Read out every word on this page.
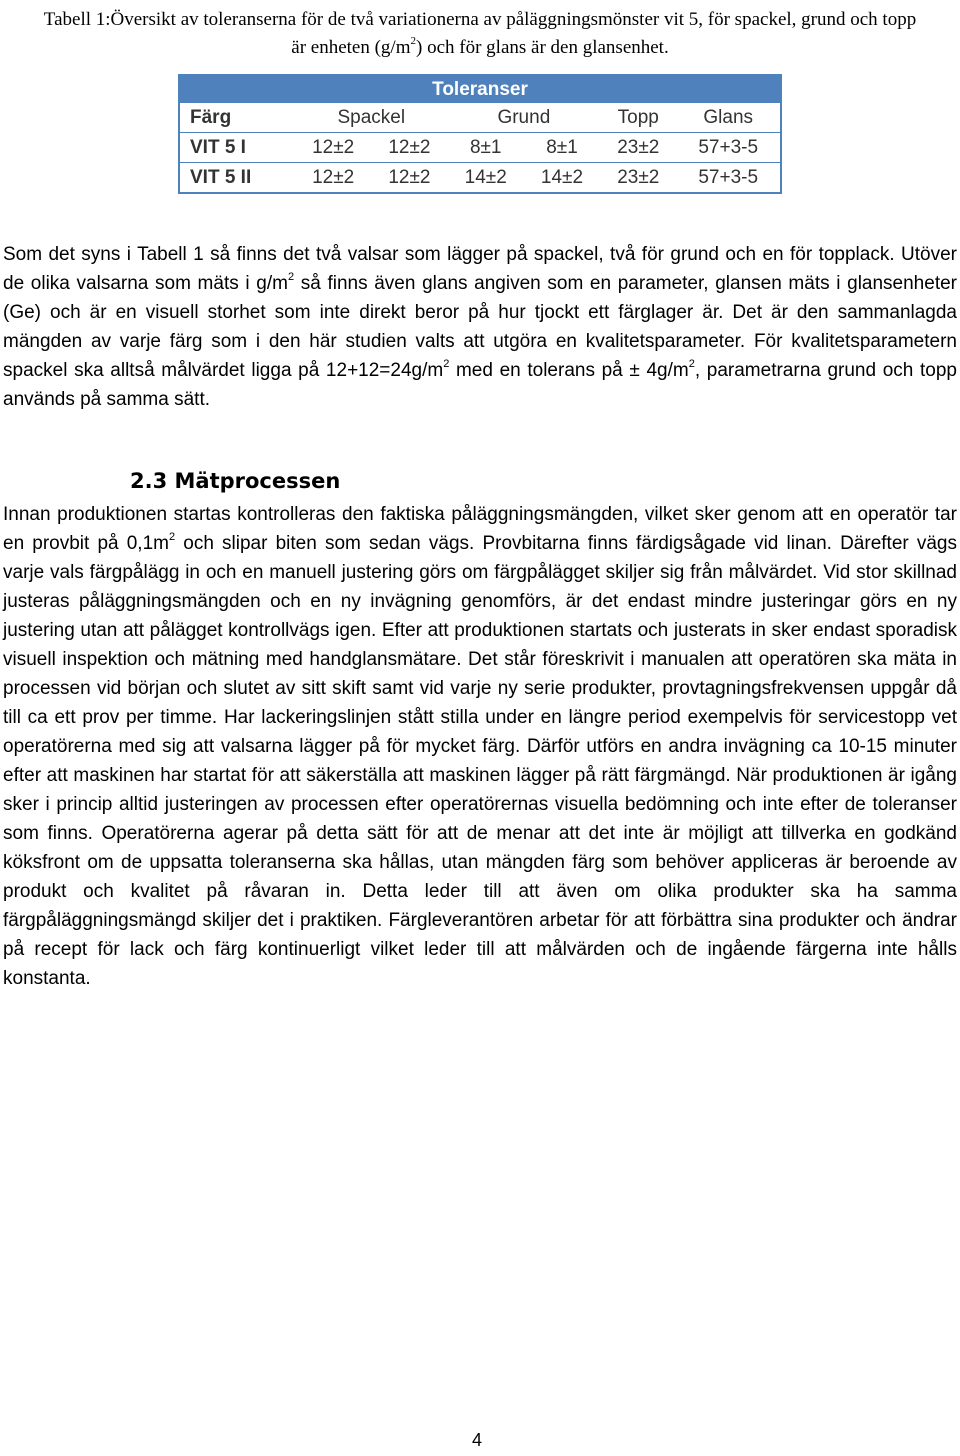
Tabell 1:Översikt av toleranserna för de två variationerna av påläggningsmönster vit 5, för spackel, grund och topp är enheten $(g/m^2)$ och för glans är den glansenhet.
Toleranser						
Färg	Spackel		Grund		Topp	Glans
VIT 5 I	12±2	12±2	8±1	8±1	23±2	57+3-5
VIT 5 II	12±2	12±2	14±2	14±2	23±2	57+3-5
Som det syns i Tabell 1 så finns det två valsar som lägger på spackel, två för grund och en för topplack. Utöver de olika valsarna som mäts i $g/m^2$ så finns även glans angiven som en parameter, glansen mäts i glansenheter (Ge) och är en visuell storhet som inte direkt beror på hur tjockt ett färglager är. Det är den sammanlagda mängden av varje färg som i den här studien valts att utgöra en kvalitetsparameter. För kvalitetsparametern spackel ska alltså målvärdet ligga på $12+12=24g/m^2$ med en tolerans på ± $4g/m^2$, parametrarna grund och topp används på samma sätt.
2.3 Mätprocessen
Innan produktionen startas kontrolleras den faktiska påläggningsmängden, vilket sker genom att en operatör tar en provbit på $0,1m^2$ och slipar biten som sedan vägs. Provbitarna finns färdigsågade vid linan. Därefter vägs varje vals färgpålägg in och en manuell justering görs om färgpålägget skiljer sig från målvärdet. Vid stor skillnad justeras påläggningsmängden och en ny invägning genomförs, är det endast mindre justeringar görs en ny justering utan att pålägget kontrollvägs igen. Efter att produktionen startats och justerats in sker endast sporadisk visuell inspektion och mätning med handglansmätare. Det står föreskrivit i manualen att operatören ska mäta in processen vid början och slutet av sitt skift samt vid varje ny serie produkter, provtagningsfrekvensen uppgår då till ca ett prov per timme. Har lackeringslinjen stått stilla under en längre period exempelvis för servicestopp vet operatörerna med sig att valsarna lägger på för mycket färg. Därför utförs en andra invägning ca 10-15 minuter efter att maskinen har startat för att säkerställa att maskinen lägger på rätt färgmängd. När produktionen är igång sker i princip alltid justeringen av processen efter operatörernas visuella bedömning och inte efter de toleranser som finns. Operatörerna agerar på detta sätt för att de menar att det inte är möjligt att tillverka en godkänd köksfront om de uppsatta toleranserna ska hållas, utan mängden färg som behöver appliceras är beroende av produkt och kvalitet på råvaran in. Detta leder till att även om olika produkter ska ha samma färgpåläggningsmängd skiljer det i praktiken. Färgleverantören arbetar för att förbättra sina produkter och ändrar på recept för lack och färg kontinuerligt vilket leder till att målvärden och de ingående färgerna inte hålls konstanta.
4
